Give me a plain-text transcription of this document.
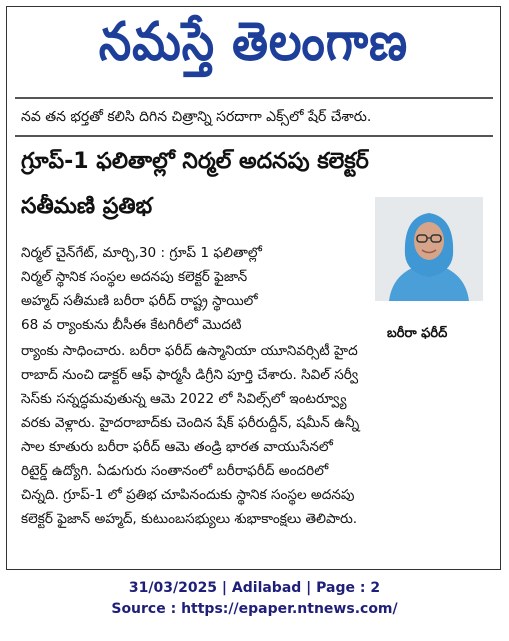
నమస్తే తెలంగాణ
నవ తన భర్తతో కలిసి దిగిన చిత్రాన్ని సరదాగా ఎక్స్‌లో షేర్ చేశారు.
గ్రూప్-1 ఫలితాల్లో నిర్మల్ అదనపు కలెక్టర్
సతీమణి ప్రతిభ
బరీరా ఫరీద్
నిర్మల్ చైన్‌గేట్, మార్చి,30 : గ్రూప్ 1 ఫలితాల్లో
నిర్మల్ స్థానిక సంస్థల అదనపు కలెక్టర్ ఫైజాన్
అహ్మద్ సతీమణి బరీరా ఫరీద్ రాష్ట్ర స్థాయిలో
68 వ ర్యాంకును బీసీఈ కేటగిరీలో మొదటి
ర్యాంకు సాధించారు. బరీరా ఫరీద్ ఉస్మానియా యూనివర్సిటీ హైద
రాబాద్ నుంచి డాక్టర్ ఆఫ్ ఫార్మసీ డిగ్రీని పూర్తి చేశారు. సివిల్ సర్వీ
సెస్‌కు సన్నద్ధమవుతున్న ఆమె 2022 లో సివిల్స్‌లో ఇంటర్వ్యూ
వరకు వెళ్లారు. హైదరాబాద్‌కు చెందిన షేక్ ఫరీరుద్దీన్, షమీన్ ఉన్నీ
సాల కూతురు బరీరా ఫరీద్ ఆమె తండ్రి భారత వాయుసేనలో
రిటైర్డ్ ఉద్యోగి. ఏడుగురు సంతానంలో బరీరాఫరీద్ అందరిలో
చిన్నది. గ్రూప్-1 లో ప్రతిభ చూపినందుకు స్థానిక సంస్థల అదనపు
కలెక్టర్ ఫైజాన్ అహ్మద్, కుటుంబసభ్యులు శుభాకాంక్షలు తెలిపారు.
31/03/2025 | Adilabad | Page : 2
Source : https://epaper.ntnews.com/
